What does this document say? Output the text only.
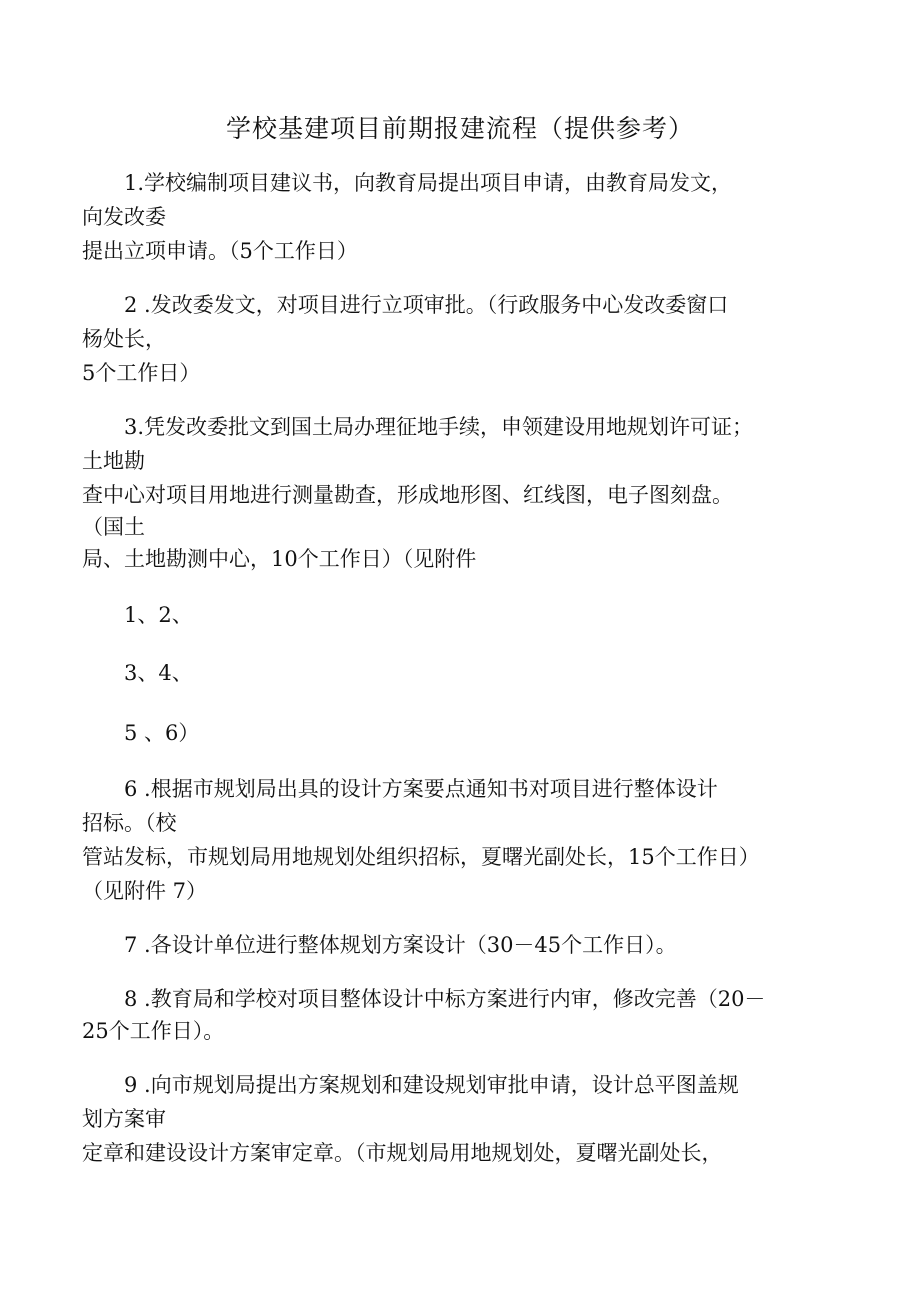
学校基建项目前期报建流程（提供参考）
1.学校编制项目建议书，向教育局提出项目申请，由教育局发文，
向发改委
提出立项申请。（5个工作日）
2 .发改委发文，对项目进行立项审批。（行政服务中心发改委窗口
杨处长，
5个工作日）
3.凭发改委批文到国土局办理征地手续，申领建设用地规划许可证；
土地勘
查中心对项目用地进行测量勘查，形成地形图、红线图，电子图刻盘。
（国土
局、土地勘测中心，10个工作日）（见附件
1、2、
3、4、
5 、6）
6 .根据市规划局出具的设计方案要点通知书对项目进行整体设计
招标。（校
管站发标，市规划局用地规划处组织招标，夏曙光副处长，15个工作日）
（见附件 7）
7 .各设计单位进行整体规划方案设计（30－45个工作日）。
8 .教育局和学校对项目整体设计中标方案进行内审，修改完善（20－
25个工作日）。
9 .向市规划局提出方案规划和建设规划审批申请，设计总平图盖规
划方案审
定章和建设设计方案审定章。（市规划局用地规划处，夏曙光副处长，
